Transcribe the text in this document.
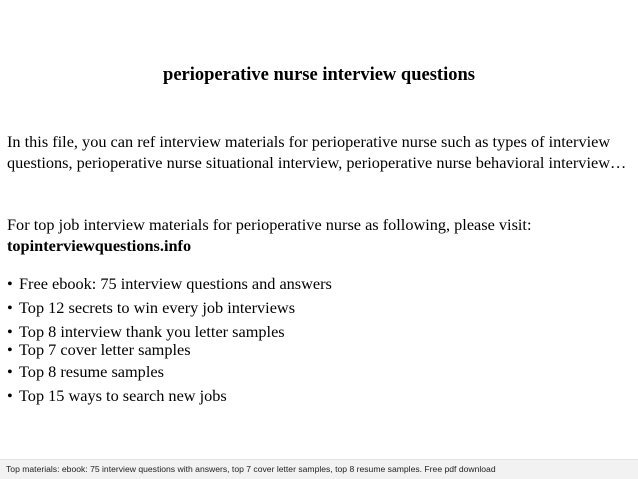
perioperative nurse interview questions

In this file, you can ref interview materials for perioperative nurse such as types of interview questions, perioperative nurse situational interview, perioperative nurse behavioral interview…

For top job interview materials for perioperative nurse as following, please visit:
topinterviewquestions.info

• Free ebook: 75 interview questions and answers
• Top 12 secrets to win every job interviews
• Top 8 interview thank you letter samples
• Top 7 cover letter samples
• Top 8 resume samples
• Top 15 ways to search new jobs
Top materials: ebook: 75 interview questions with answers, top 7 cover letter samples, top 8 resume samples. Free pdf download
